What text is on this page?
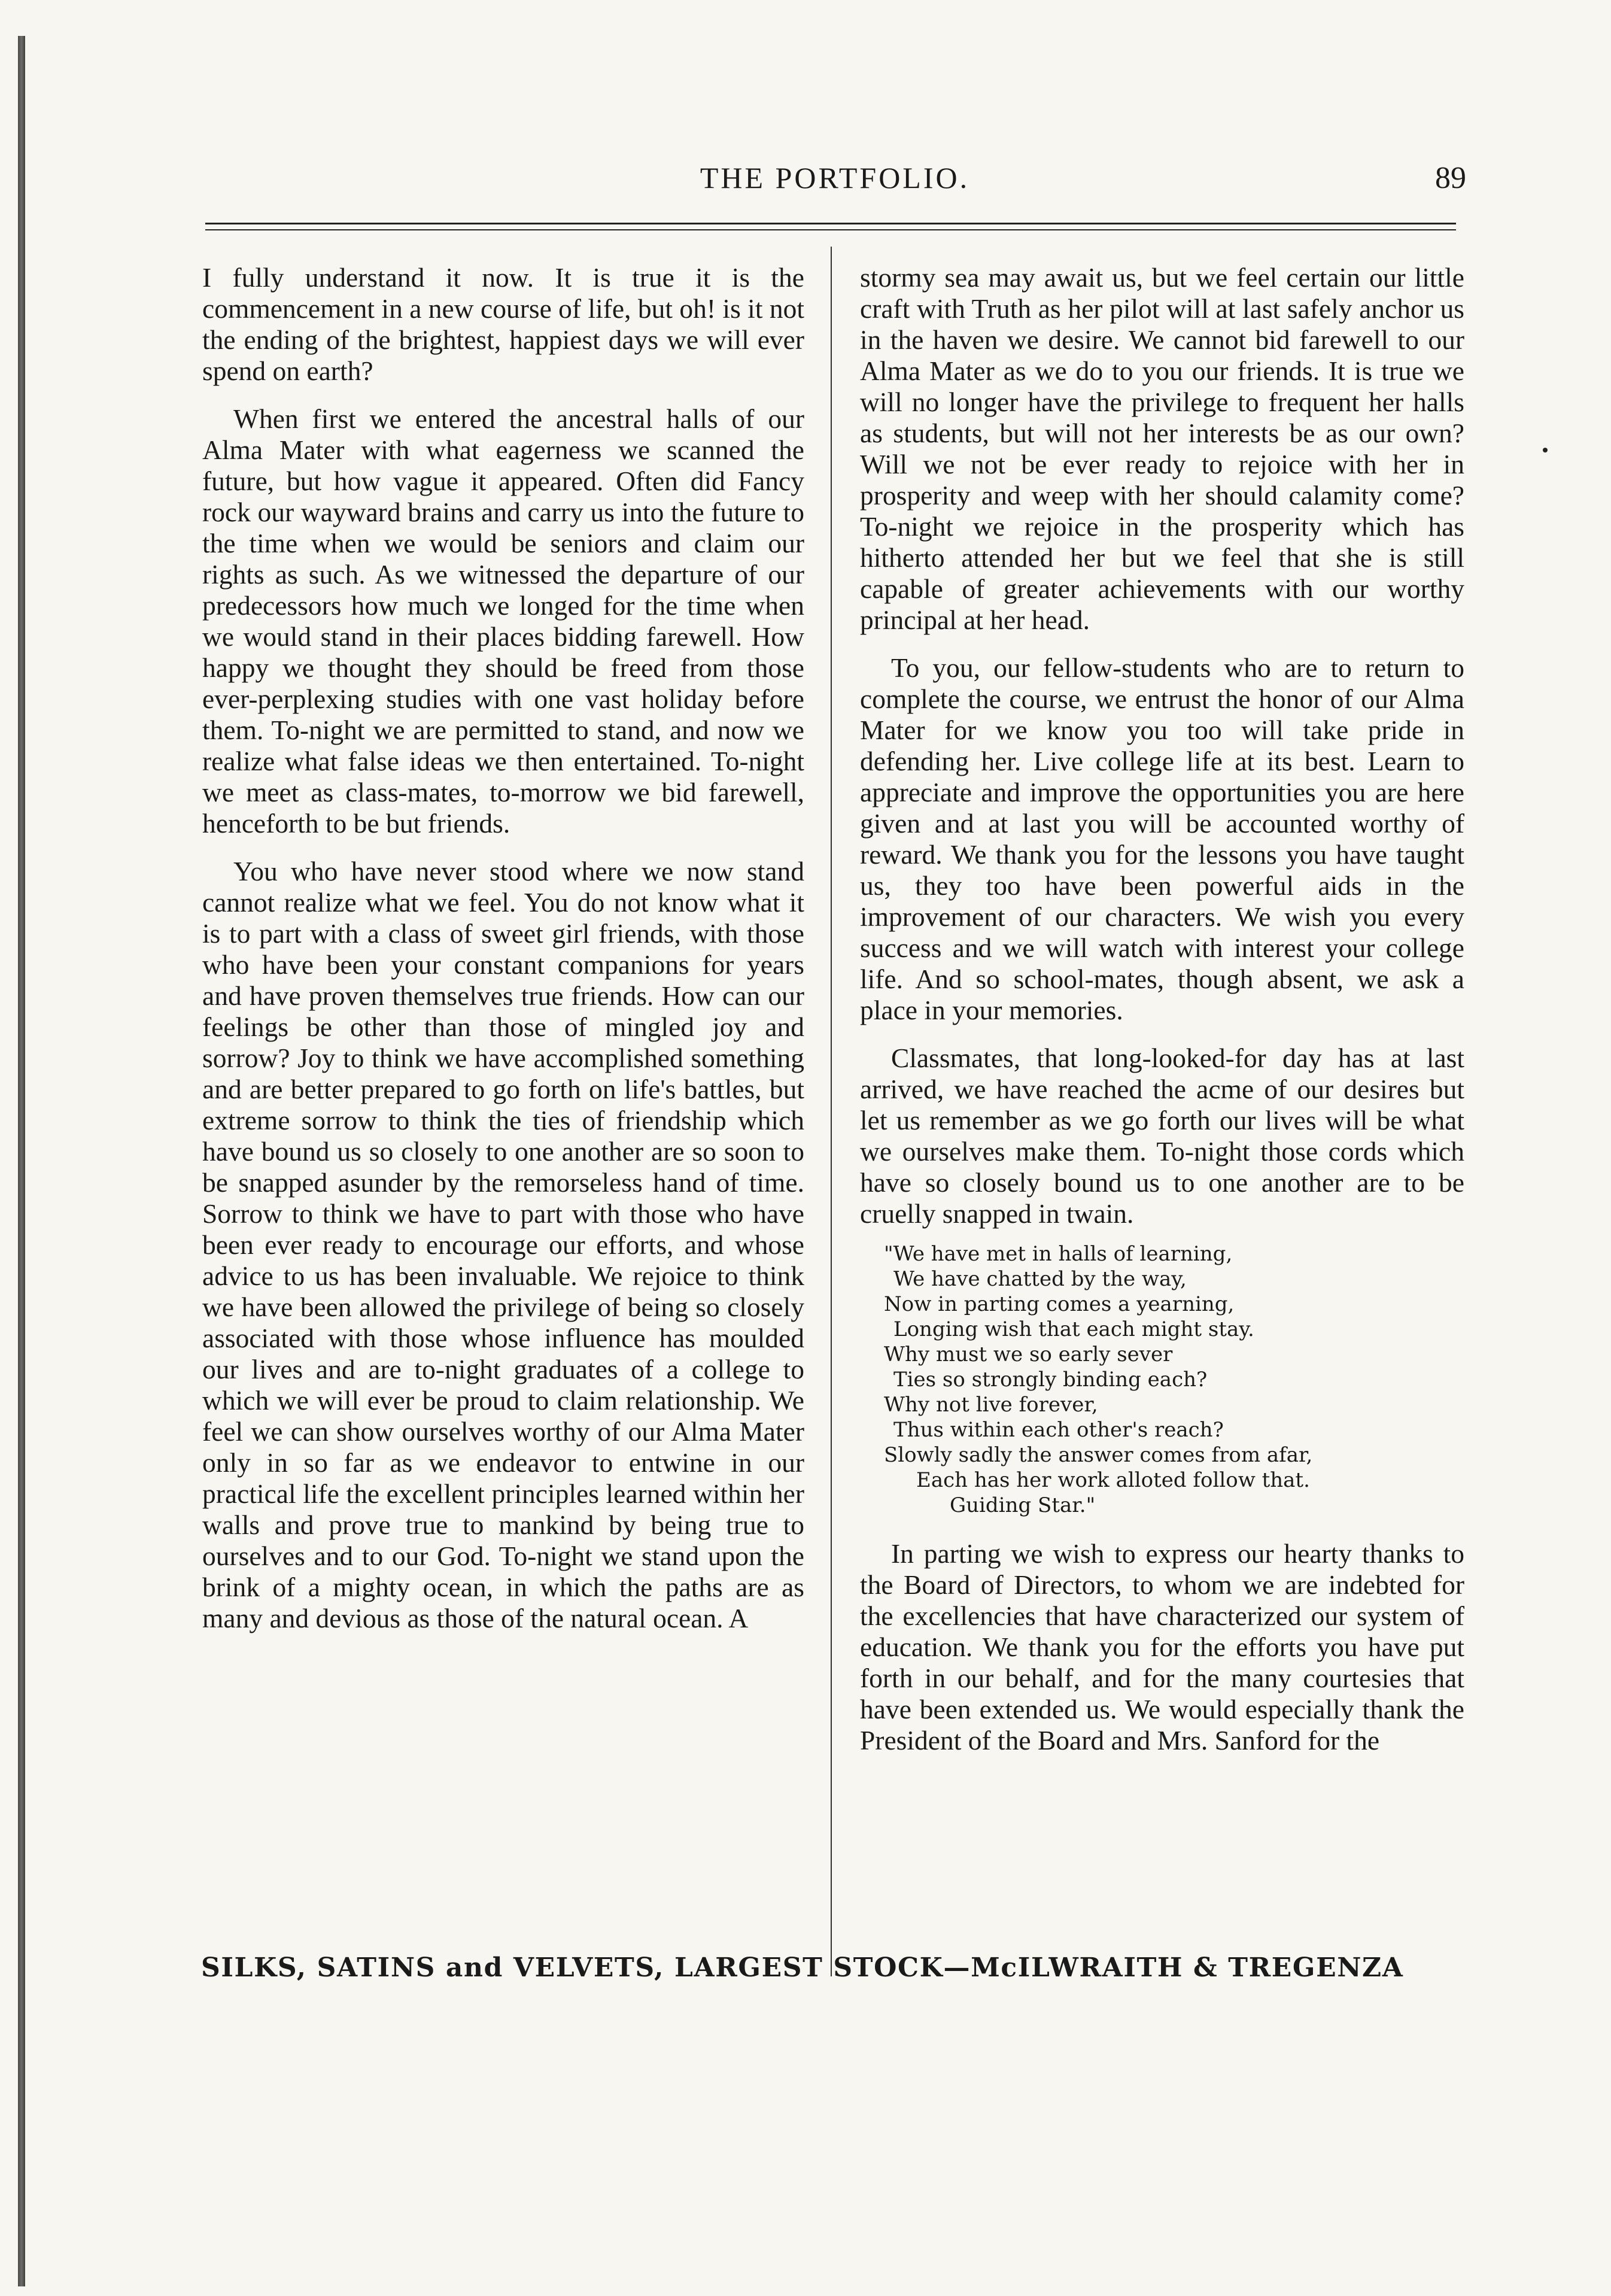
THE PORTFOLIO.	89

I fully understand it now. It is true it is the commencement in a new course of life, but oh! is it not the ending of the brightest, happiest days we will ever spend on earth?

When first we entered the ancestral halls of our Alma Mater with what eagerness we scanned the future, but how vague it appeared. Often did Fancy rock our wayward brains and carry us into the future to the time when we would be seniors and claim our rights as such. As we witnessed the departure of our predecessors how much we longed for the time when we would stand in their places bidding farewell. How happy we thought they should be freed from those ever-perplexing studies with one vast holiday before them. To-night we are permitted to stand, and now we realize what false ideas we then entertained. To-night we meet as class-mates, to-morrow we bid farewell, henceforth to be but friends.

You who have never stood where we now stand cannot realize what we feel. You do not know what it is to part with a class of sweet girl friends, with those who have been your constant companions for years and have proven themselves true friends. How can our feelings be other than those of mingled joy and sorrow? Joy to think we have accomplished something and are better prepared to go forth on life's battles, but extreme sorrow to think the ties of friendship which have bound us so closely to one another are so soon to be snapped asunder by the remorseless hand of time. Sorrow to think we have to part with those who have been ever ready to encourage our efforts, and whose advice to us has been invaluable. We rejoice to think we have been allowed the privilege of being so closely associated with those whose influence has moulded our lives and are to-night graduates of a college to which we will ever be proud to claim relationship. We feel we can show ourselves worthy of our Alma Mater only in so far as we endeavor to entwine in our practical life the excellent principles learned within her walls and prove true to mankind by being true to ourselves and to our God. To-night we stand upon the brink of a mighty ocean, in which the paths are as many and devious as those of the natural ocean. A

stormy sea may await us, but we feel certain our little craft with Truth as her pilot will at last safely anchor us in the haven we desire. We cannot bid farewell to our Alma Mater as we do to you our friends. It is true we will no longer have the privilege to frequent her halls as students, but will not her interests be as our own? Will we not be ever ready to rejoice with her in prosperity and weep with her should calamity come? To-night we rejoice in the prosperity which has hitherto attended her but we feel that she is still capable of greater achievements with our worthy principal at her head.

To you, our fellow-students who are to return to complete the course, we entrust the honor of our Alma Mater for we know you too will take pride in defending her. Live college life at its best. Learn to appreciate and improve the opportunities you are here given and at last you will be accounted worthy of reward. We thank you for the lessons you have taught us, they too have been powerful aids in the improvement of our characters. We wish you every success and we will watch with interest your college life. And so school-mates, though absent, we ask a place in your memories.

Classmates, that long-looked-for day has at last arrived, we have reached the acme of our desires but let us remember as we go forth our lives will be what we ourselves make them. To-night those cords which have so closely bound us to one another are to be cruelly snapped in twain.

"We have met in halls of learning,
We have chatted by the way,
Now in parting comes a yearning,
Longing wish that each might stay.
Why must we so early sever
Ties so strongly binding each?
Why not live forever,
Thus within each other's reach?
Slowly sadly the answer comes from afar,
Each has her work alloted follow that.
Guiding Star."

In parting we wish to express our hearty thanks to the Board of Directors, to whom we are indebted for the excellencies that have characterized our system of education. We thank you for the efforts you have put forth in our behalf, and for the many courtesies that have been extended us. We would especially thank the President of the Board and Mrs. Sanford for the

SILKS, SATINS and VELVETS, LARGEST STOCK—McILWRAITH & TREGENZA
